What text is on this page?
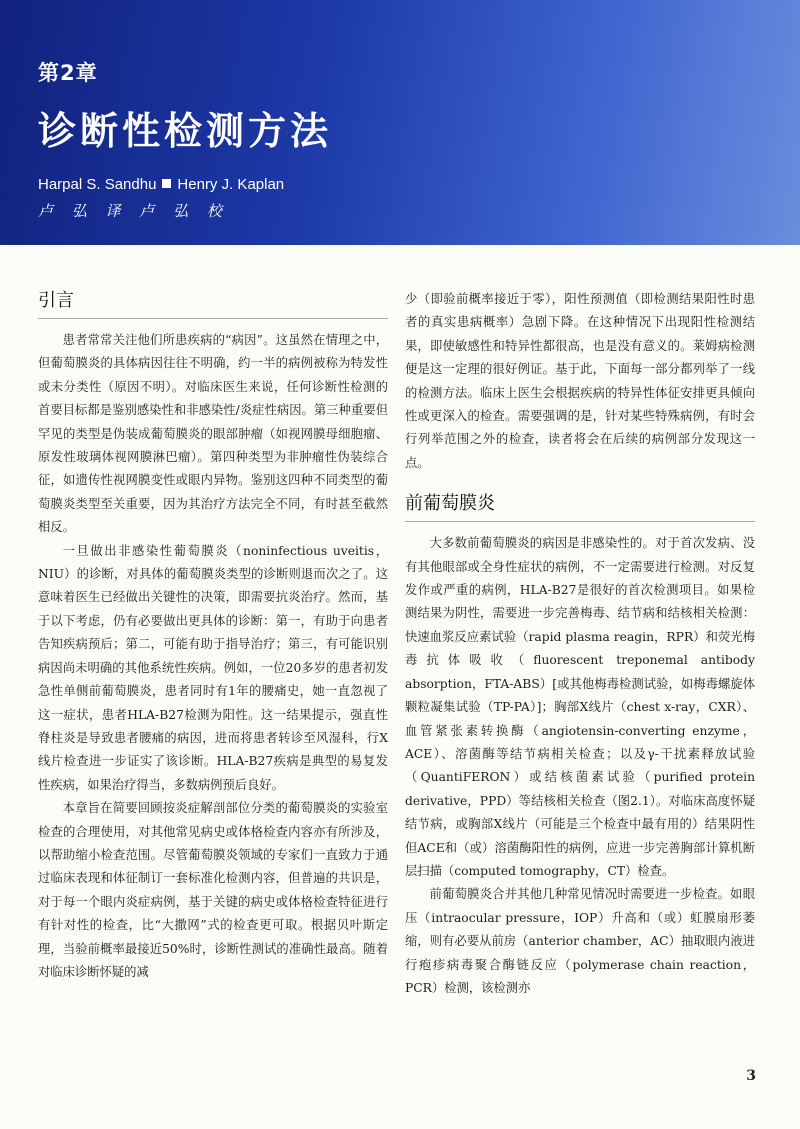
第2章
诊断性检测方法
Harpal S. Sandhu Henry J. Kaplan
卢 弘 译 卢 弘 校
引言

患者常常关注他们所患疾病的“病因”。这虽然在情理之中，但葡萄膜炎的具体病因往往不明确，约一半的病例被称为特发性或未分类性（原因不明）。对临床医生来说，任何诊断性检测的首要目标都是鉴别感染性和非感染性/炎症性病因。第三种重要但罕见的类型是伪装成葡萄膜炎的眼部肿瘤（如视网膜母细胞瘤、原发性玻璃体视网膜淋巴瘤）。第四种类型为非肿瘤性伪装综合征，如遗传性视网膜变性或眼内异物。鉴别这四种不同类型的葡萄膜炎类型至关重要，因为其治疗方法完全不同，有时甚至截然相反。

一旦做出非感染性葡萄膜炎（noninfectious uveitis，NIU）的诊断，对具体的葡萄膜炎类型的诊断则退而次之了。这意味着医生已经做出关键性的决策，即需要抗炎治疗。然而，基于以下考虑，仍有必要做出更具体的诊断：第一，有助于向患者告知疾病预后；第二，可能有助于指导治疗；第三，有可能识别病因尚未明确的其他系统性疾病。例如，一位20多岁的患者初发急性单侧前葡萄膜炎，患者同时有1年的腰痛史，她一直忽视了这一症状，患者HLA-B27检测为阳性。这一结果提示，强直性脊柱炎是导致患者腰痛的病因，进而将患者转诊至风湿科，行X线片检查进一步证实了该诊断。HLA-B27疾病是典型的易复发性疾病，如果治疗得当，多数病例预后良好。

本章旨在简要回顾按炎症解剖部位分类的葡萄膜炎的实验室检查的合理使用，对其他常见病史或体格检查内容亦有所涉及，以帮助缩小检查范围。尽管葡萄膜炎领域的专家们一直致力于通过临床表现和体征制订一套标准化检测内容，但普遍的共识是，对于每一个眼内炎症病例，基于关键的病史或体格检查特征进行有针对性的检查，比“大撒网”式的检查更可取。根据贝叶斯定理，当验前概率最接近50%时，诊断性测试的准确性最高。随着对临床诊断怀疑的减

少（即验前概率接近于零），阳性预测值（即检测结果阳性时患者的真实患病概率）急剧下降。在这种情况下出现阳性检测结果，即使敏感性和特异性都很高，也是没有意义的。莱姆病检测便是这一定理的很好例证。基于此，下面每一部分都列举了一线的检测方法。临床上医生会根据疾病的特异性体征安排更具倾向性或更深入的检查。需要强调的是，针对某些特殊病例，有时会行列举范围之外的检查，读者将会在后续的病例部分发现这一点。

前葡萄膜炎

大多数前葡萄膜炎的病因是非感染性的。对于首次发病、没有其他眼部或全身性症状的病例，不一定需要进行检测。对反复发作或严重的病例，HLA-B27是很好的首次检测项目。如果检测结果为阴性，需要进一步完善梅毒、结节病和结核相关检测：快速血浆反应素试验（rapid plasma reagin，RPR）和荧光梅毒抗体吸收（fluorescent treponemal antibody absorption，FTA-ABS）[或其他梅毒检测试验，如梅毒螺旋体颗粒凝集试验（TP-PA）]；胸部X线片（chest x-ray，CXR）、血管紧张素转换酶（angiotensin-converting enzyme，ACE）、溶菌酶等结节病相关检查；以及γ-干扰素释放试验（QuantiFERON）或结核菌素试验（purified protein derivative，PPD）等结核相关检查（图2.1）。对临床高度怀疑结节病，或胸部X线片（可能是三个检查中最有用的）结果阴性但ACE和（或）溶菌酶阳性的病例，应进一步完善胸部计算机断层扫描（computed tomography，CT）检查。

前葡萄膜炎合并其他几种常见情况时需要进一步检查。如眼压（intraocular pressure，IOP）升高和（或）虹膜扇形萎缩，则有必要从前房（anterior chamber，AC）抽取眼内液进行疱疹病毒聚合酶链反应（polymerase chain reaction，PCR）检测，该检测亦

3
